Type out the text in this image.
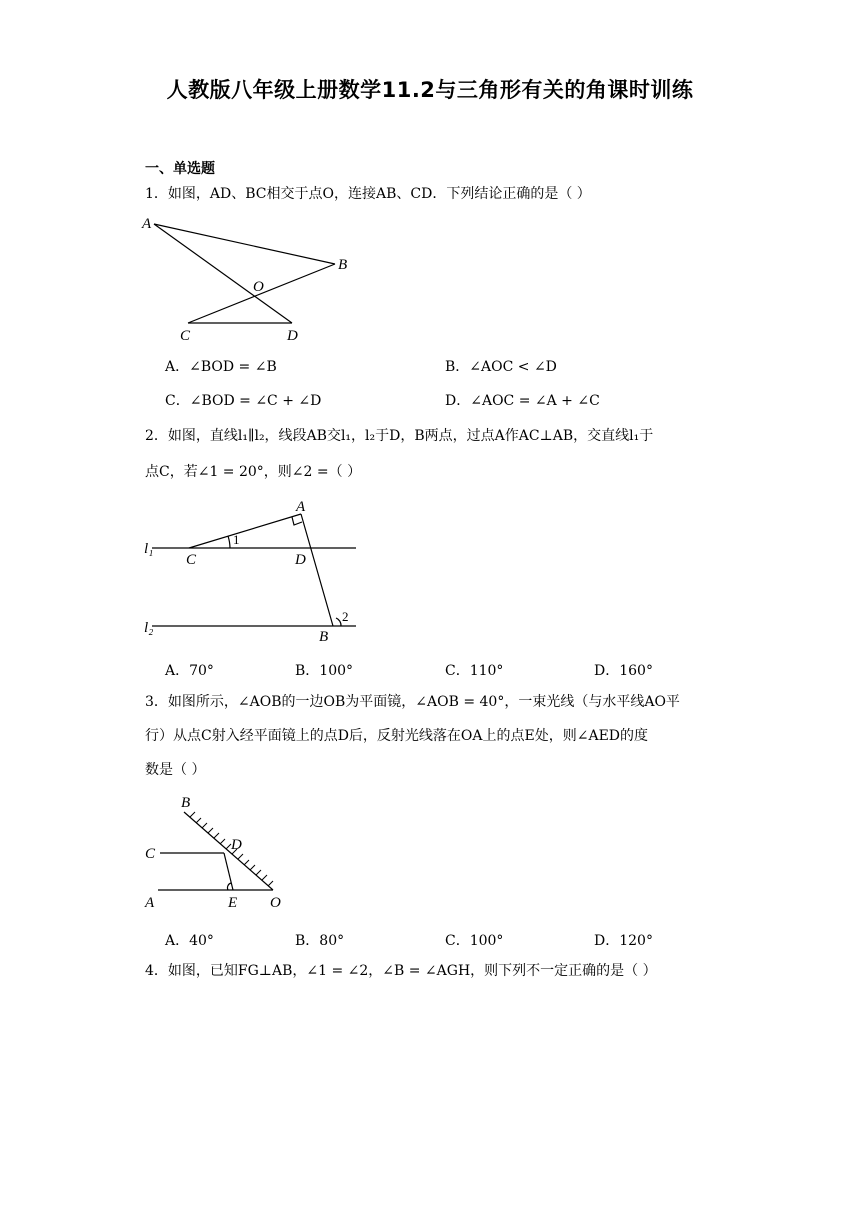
人教版八年级上册数学11.2与三角形有关的角课时训练
一、单选题
1．如图，AD、BC相交于点O，连接AB、CD．下列结论正确的是（ ）
A
B
O
C	D
A．∠BOD = ∠B	B．∠AOC < ∠D
C．∠BOD = ∠C + ∠D	D．∠AOC = ∠A + ∠C
2．如图，直线l₁∥l₂，线段AB交l₁，l₂于D，B两点，过点A作AC⊥AB，交直线l₁于
点C，若∠1 = 20°，则∠2 =（ ）
l₁
l₂
C
A
D
B
1
2
A．70°	B．100°	C．110°	D．160°
3．如图所示，∠AOB的一边OB为平面镜，∠AOB = 40°，一束光线（与水平线AO平
行）从点C射入经平面镜上的点D后，反射光线落在OA上的点E处，则∠AED的度
数是（ ）
B
C
D
A	E O
A．40°	B．80°	C．100°	D．120°
4．如图，已知FG⊥AB，∠1 = ∠2，∠B = ∠AGH，则下列不一定正确的是（ ）
